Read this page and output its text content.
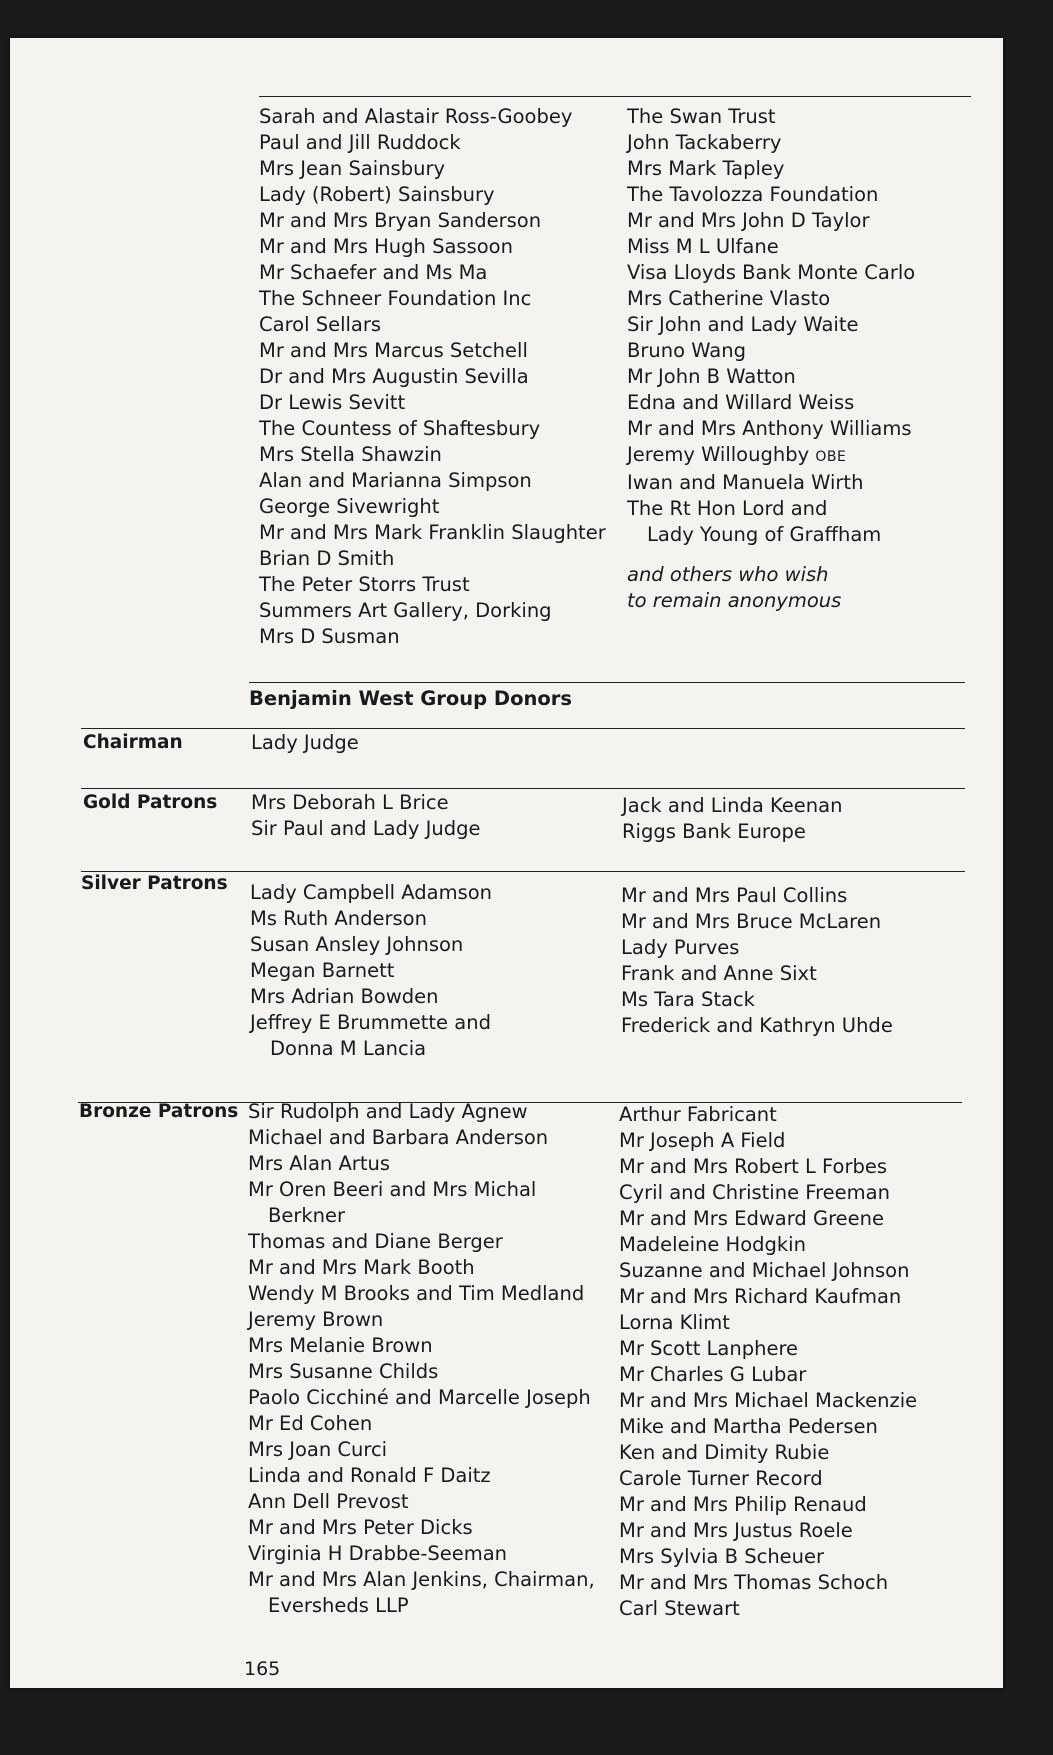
Sarah and Alastair Ross-Goobey
Paul and Jill Ruddock
Mrs Jean Sainsbury
Lady (Robert) Sainsbury
Mr and Mrs Bryan Sanderson
Mr and Mrs Hugh Sassoon
Mr Schaefer and Ms Ma
The Schneer Foundation Inc
Carol Sellars
Mr and Mrs Marcus Setchell
Dr and Mrs Augustin Sevilla
Dr Lewis Sevitt
The Countess of Shaftesbury
Mrs Stella Shawzin
Alan and Marianna Simpson
George Sivewright
Mr and Mrs Mark Franklin Slaughter
Brian D Smith
The Peter Storrs Trust
Summers Art Gallery, Dorking
Mrs D Susman
The Swan Trust
John Tackaberry
Mrs Mark Tapley
The Tavolozza Foundation
Mr and Mrs John D Taylor
Miss M L Ulfane
Visa Lloyds Bank Monte Carlo
Mrs Catherine Vlasto
Sir John and Lady Waite
Bruno Wang
Mr John B Watton
Edna and Willard Weiss
Mr and Mrs Anthony Williams
Jeremy Willoughby OBE
Iwan and Manuela Wirth
The Rt Hon Lord and
Lady Young of Graffham
and others who wish
to remain anonymous
Benjamin West Group Donors
Chairman	Lady Judge
Gold Patrons Mrs Deborah L Brice
Sir Paul and Lady Judge
Jack and Linda Keenan
Riggs Bank Europe
Silver Patrons Lady Campbell Adamson
Ms Ruth Anderson
Susan Ansley Johnson
Megan Barnett
Mrs Adrian Bowden
Jeffrey E Brummette and
Donna M Lancia
Mr and Mrs Paul Collins
Mr and Mrs Bruce McLaren
Lady Purves
Frank and Anne Sixt
Ms Tara Stack
Frederick and Kathryn Uhde
Bronze Patrons Sir Rudolph and Lady Agnew
Michael and Barbara Anderson
Mrs Alan Artus
Mr Oren Beeri and Mrs Michal
Berkner
Thomas and Diane Berger
Mr and Mrs Mark Booth
Wendy M Brooks and Tim Medland
Jeremy Brown
Mrs Melanie Brown
Mrs Susanne Childs
Paolo Cicchiné and Marcelle Joseph
Mr Ed Cohen
Mrs Joan Curci
Linda and Ronald F Daitz
Ann Dell Prevost
Mr and Mrs Peter Dicks
Virginia H Drabbe-Seeman
Mr and Mrs Alan Jenkins, Chairman,
Eversheds LLP
Arthur Fabricant
Mr Joseph A Field
Mr and Mrs Robert L Forbes
Cyril and Christine Freeman
Mr and Mrs Edward Greene
Madeleine Hodgkin
Suzanne and Michael Johnson
Mr and Mrs Richard Kaufman
Lorna Klimt
Mr Scott Lanphere
Mr Charles G Lubar
Mr and Mrs Michael Mackenzie
Mike and Martha Pedersen
Ken and Dimity Rubie
Carole Turner Record
Mr and Mrs Philip Renaud
Mr and Mrs Justus Roele
Mrs Sylvia B Scheuer
Mr and Mrs Thomas Schoch
Carl Stewart
165
